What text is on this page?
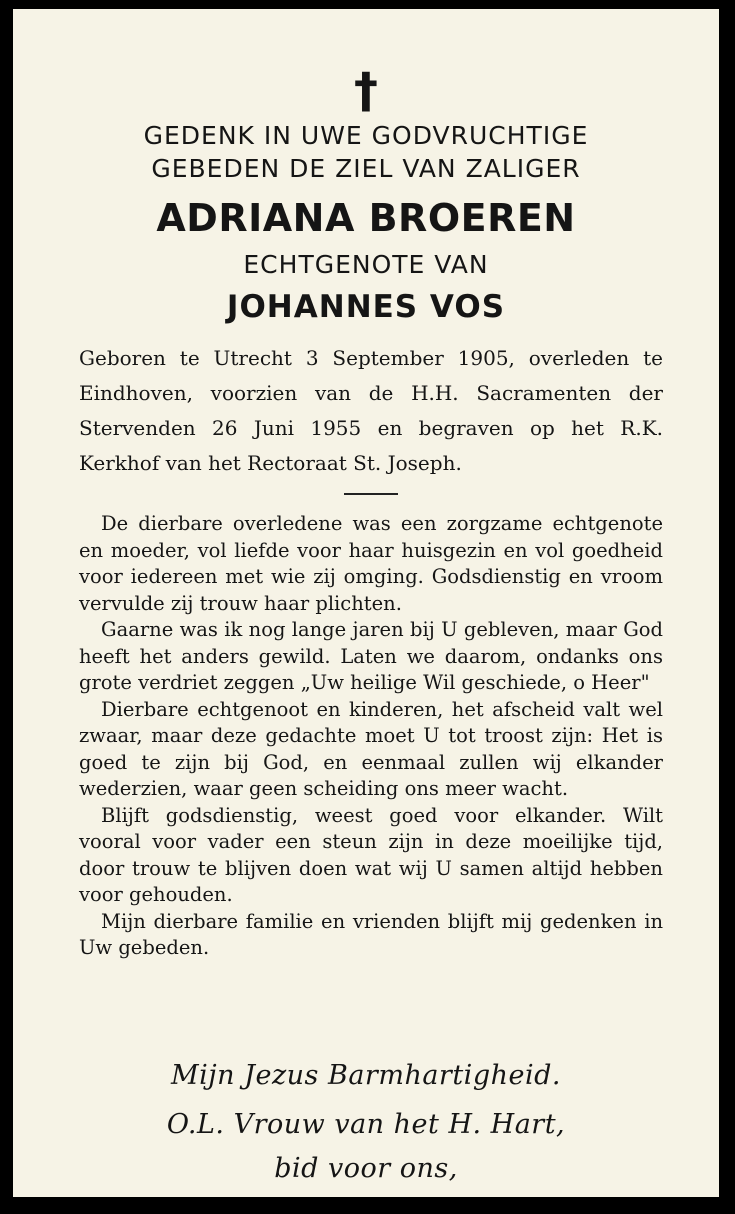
†
GEDENK IN UWE GODVRUCHTIGE
GEBEDEN DE ZIEL VAN ZALIGER
ADRIANA BROEREN
ECHTGENOTE VAN
JOHANNES VOS
Geboren te Utrecht 3 September 1905, overleden te Eindhoven, voorzien van de H.H. Sacramenten der Stervenden 26 Juni 1955 en begraven op het R.K. Kerkhof van het Rectoraat St. Joseph.

De dierbare overledene was een zorgzame echtgenote en moeder, vol liefde voor haar huisgezin en vol goedheid voor iedereen met wie zij omging. Godsdienstig en vroom vervulde zij trouw haar plichten.

Gaarne was ik nog lange jaren bij U gebleven, maar God heeft het anders gewild. Laten we daarom, ondanks ons grote verdriet zeggen „Uw heilige Wil geschiede, o Heer"

Dierbare echtgenoot en kinderen, het afscheid valt wel zwaar, maar deze gedachte moet U tot troost zijn: Het is goed te zijn bij God, en eenmaal zullen wij elkander wederzien, waar geen scheiding ons meer wacht.

Blijft godsdienstig, weest goed voor elkander. Wilt vooral voor vader een steun zijn in deze moeilijke tijd, door trouw te blijven doen wat wij U samen altijd hebben voor gehouden.

Mijn dierbare familie en vrienden blijft mij gedenken in Uw gebeden.

Mijn Jezus Barmhartigheid.
O.L. Vrouw van het H. Hart,
bid voor ons,
